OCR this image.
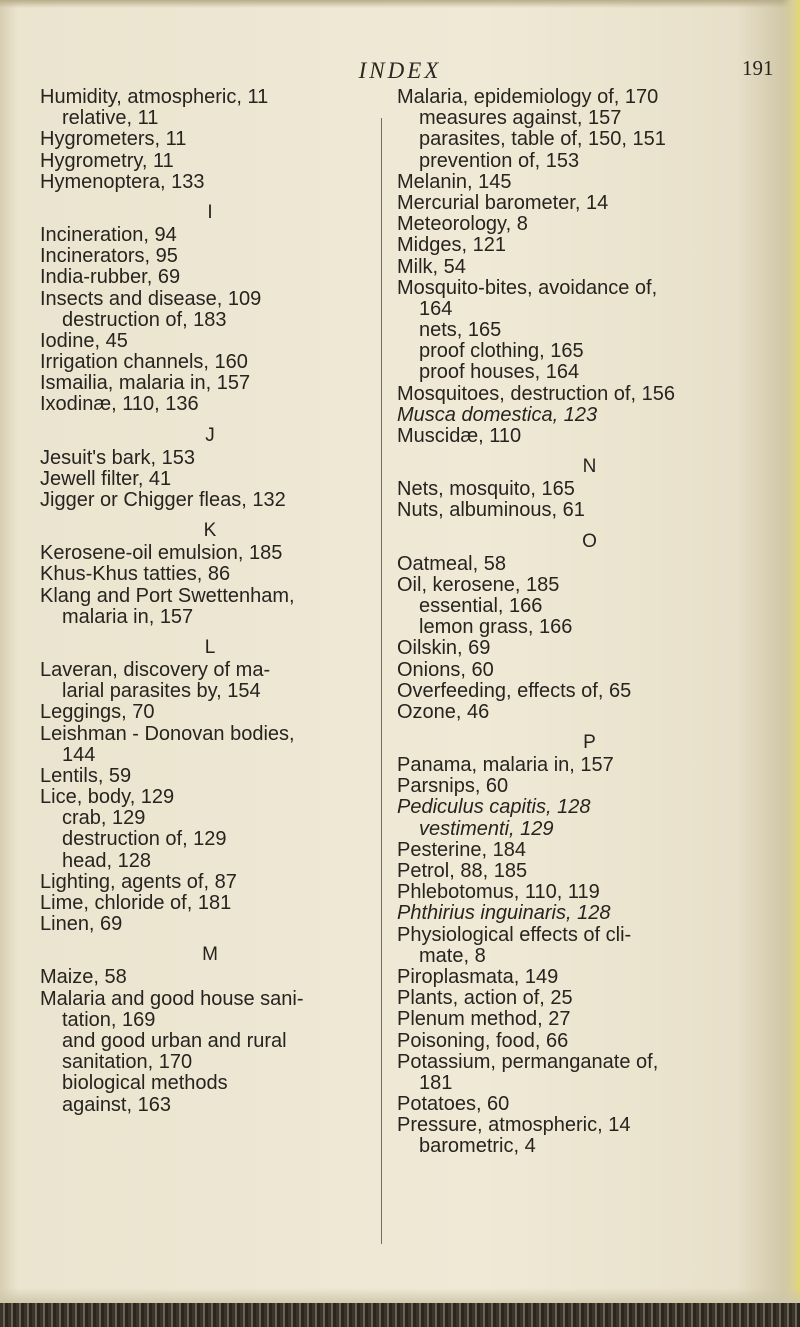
INDEX	191
Humidity, atmospheric, 11
relative, 11
Hygrometers, 11
Hygrometry, 11
Hymenoptera, 133
I
Incineration, 94
Incinerators, 95
India-rubber, 69
Insects and disease, 109
destruction of, 183
Iodine, 45
Irrigation channels, 160
Ismailia, malaria in, 157
Ixodinæ, 110, 136
J
Jesuit's bark, 153
Jewell filter, 41
Jigger or Chigger fleas, 132
K
Kerosene-oil emulsion, 185
Khus-Khus tatties, 86
Klang and Port Swettenham,
malaria in, 157
L
Laveran, discovery of ma-
larial parasites by, 154
Leggings, 70
Leishman - Donovan bodies,
144
Lentils, 59
Lice, body, 129
crab, 129
destruction of, 129
head, 128
Lighting, agents of, 87
Lime, chloride of, 181
Linen, 69
M
Maize, 58
Malaria and good house sani-
tation, 169
and good urban and rural
sanitation, 170
biological methods
against, 163
Malaria, epidemiology of, 170
measures against, 157
parasites, table of, 150, 151
prevention of, 153
Melanin, 145
Mercurial barometer, 14
Meteorology, 8
Midges, 121
Milk, 54
Mosquito-bites, avoidance of,
164
nets, 165
proof clothing, 165
proof houses, 164
Mosquitoes, destruction of, 156
Musca domestica, 123
Muscidæ, 110
N
Nets, mosquito, 165
Nuts, albuminous, 61
O
Oatmeal, 58
Oil, kerosene, 185
essential, 166
lemon grass, 166
Oilskin, 69
Onions, 60
Overfeeding, effects of, 65
Ozone, 46
P
Panama, malaria in, 157
Parsnips, 60
Pediculus capitis, 128
vestimenti, 129
Pesterine, 184
Petrol, 88, 185
Phlebotomus, 110, 119
Phthirius inguinaris, 128
Physiological effects of cli-
mate, 8
Piroplasmata, 149
Plants, action of, 25
Plenum method, 27
Poisoning, food, 66
Potassium, permanganate of,
181
Potatoes, 60
Pressure, atmospheric, 14
barometric, 4
